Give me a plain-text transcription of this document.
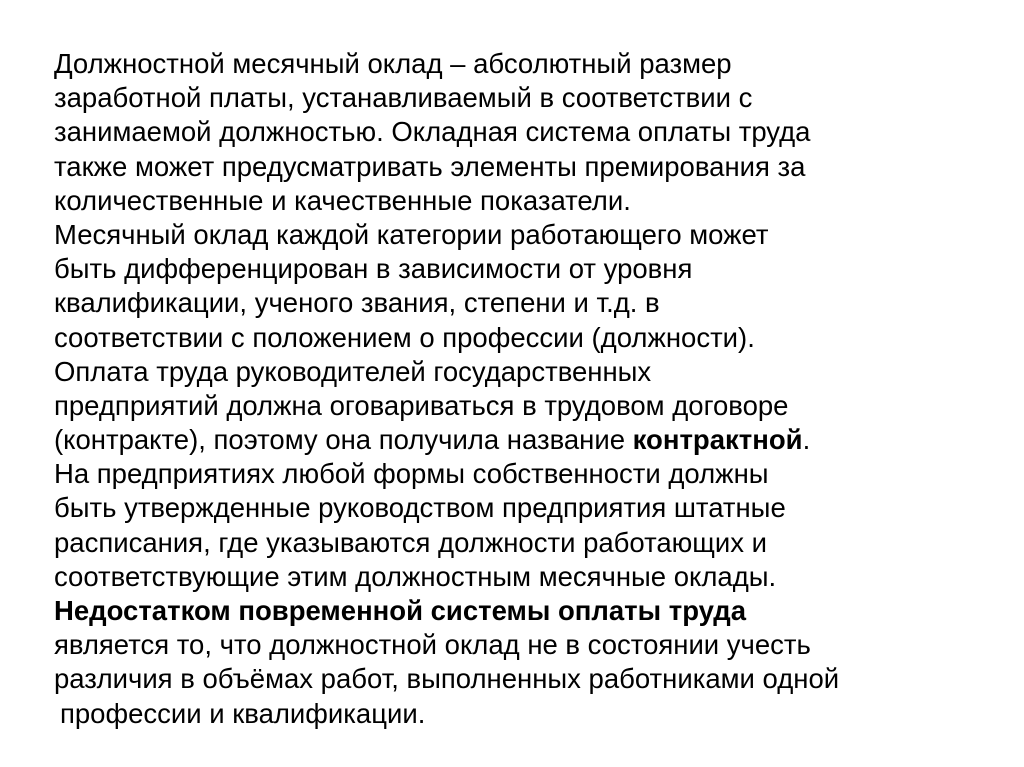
Должностной месячный оклад – абсолютный размер
заработной платы, устанавливаемый в соответствии с
занимаемой должностью. Окладная система оплаты труда
также может предусматривать элементы премирования за
количественные и качественные показатели.
Месячный оклад каждой категории работающего может
быть дифференцирован в зависимости от уровня
квалификации, ученого звания, степени и т.д. в
соответствии с положением о профессии (должности).
Оплата труда руководителей государственных
предприятий должна оговариваться в трудовом договоре
(контракте), поэтому она получила название контрактной.
На предприятиях любой формы собственности должны
быть утвержденные руководством предприятия штатные
расписания, где указываются должности работающих и
соответствующие этим должностным месячные оклады.
Недостатком повременной системы оплаты труда
является то, что должностной оклад не в состоянии учесть
различия в объёмах работ, выполненных работниками одной
профессии и квалификации.
